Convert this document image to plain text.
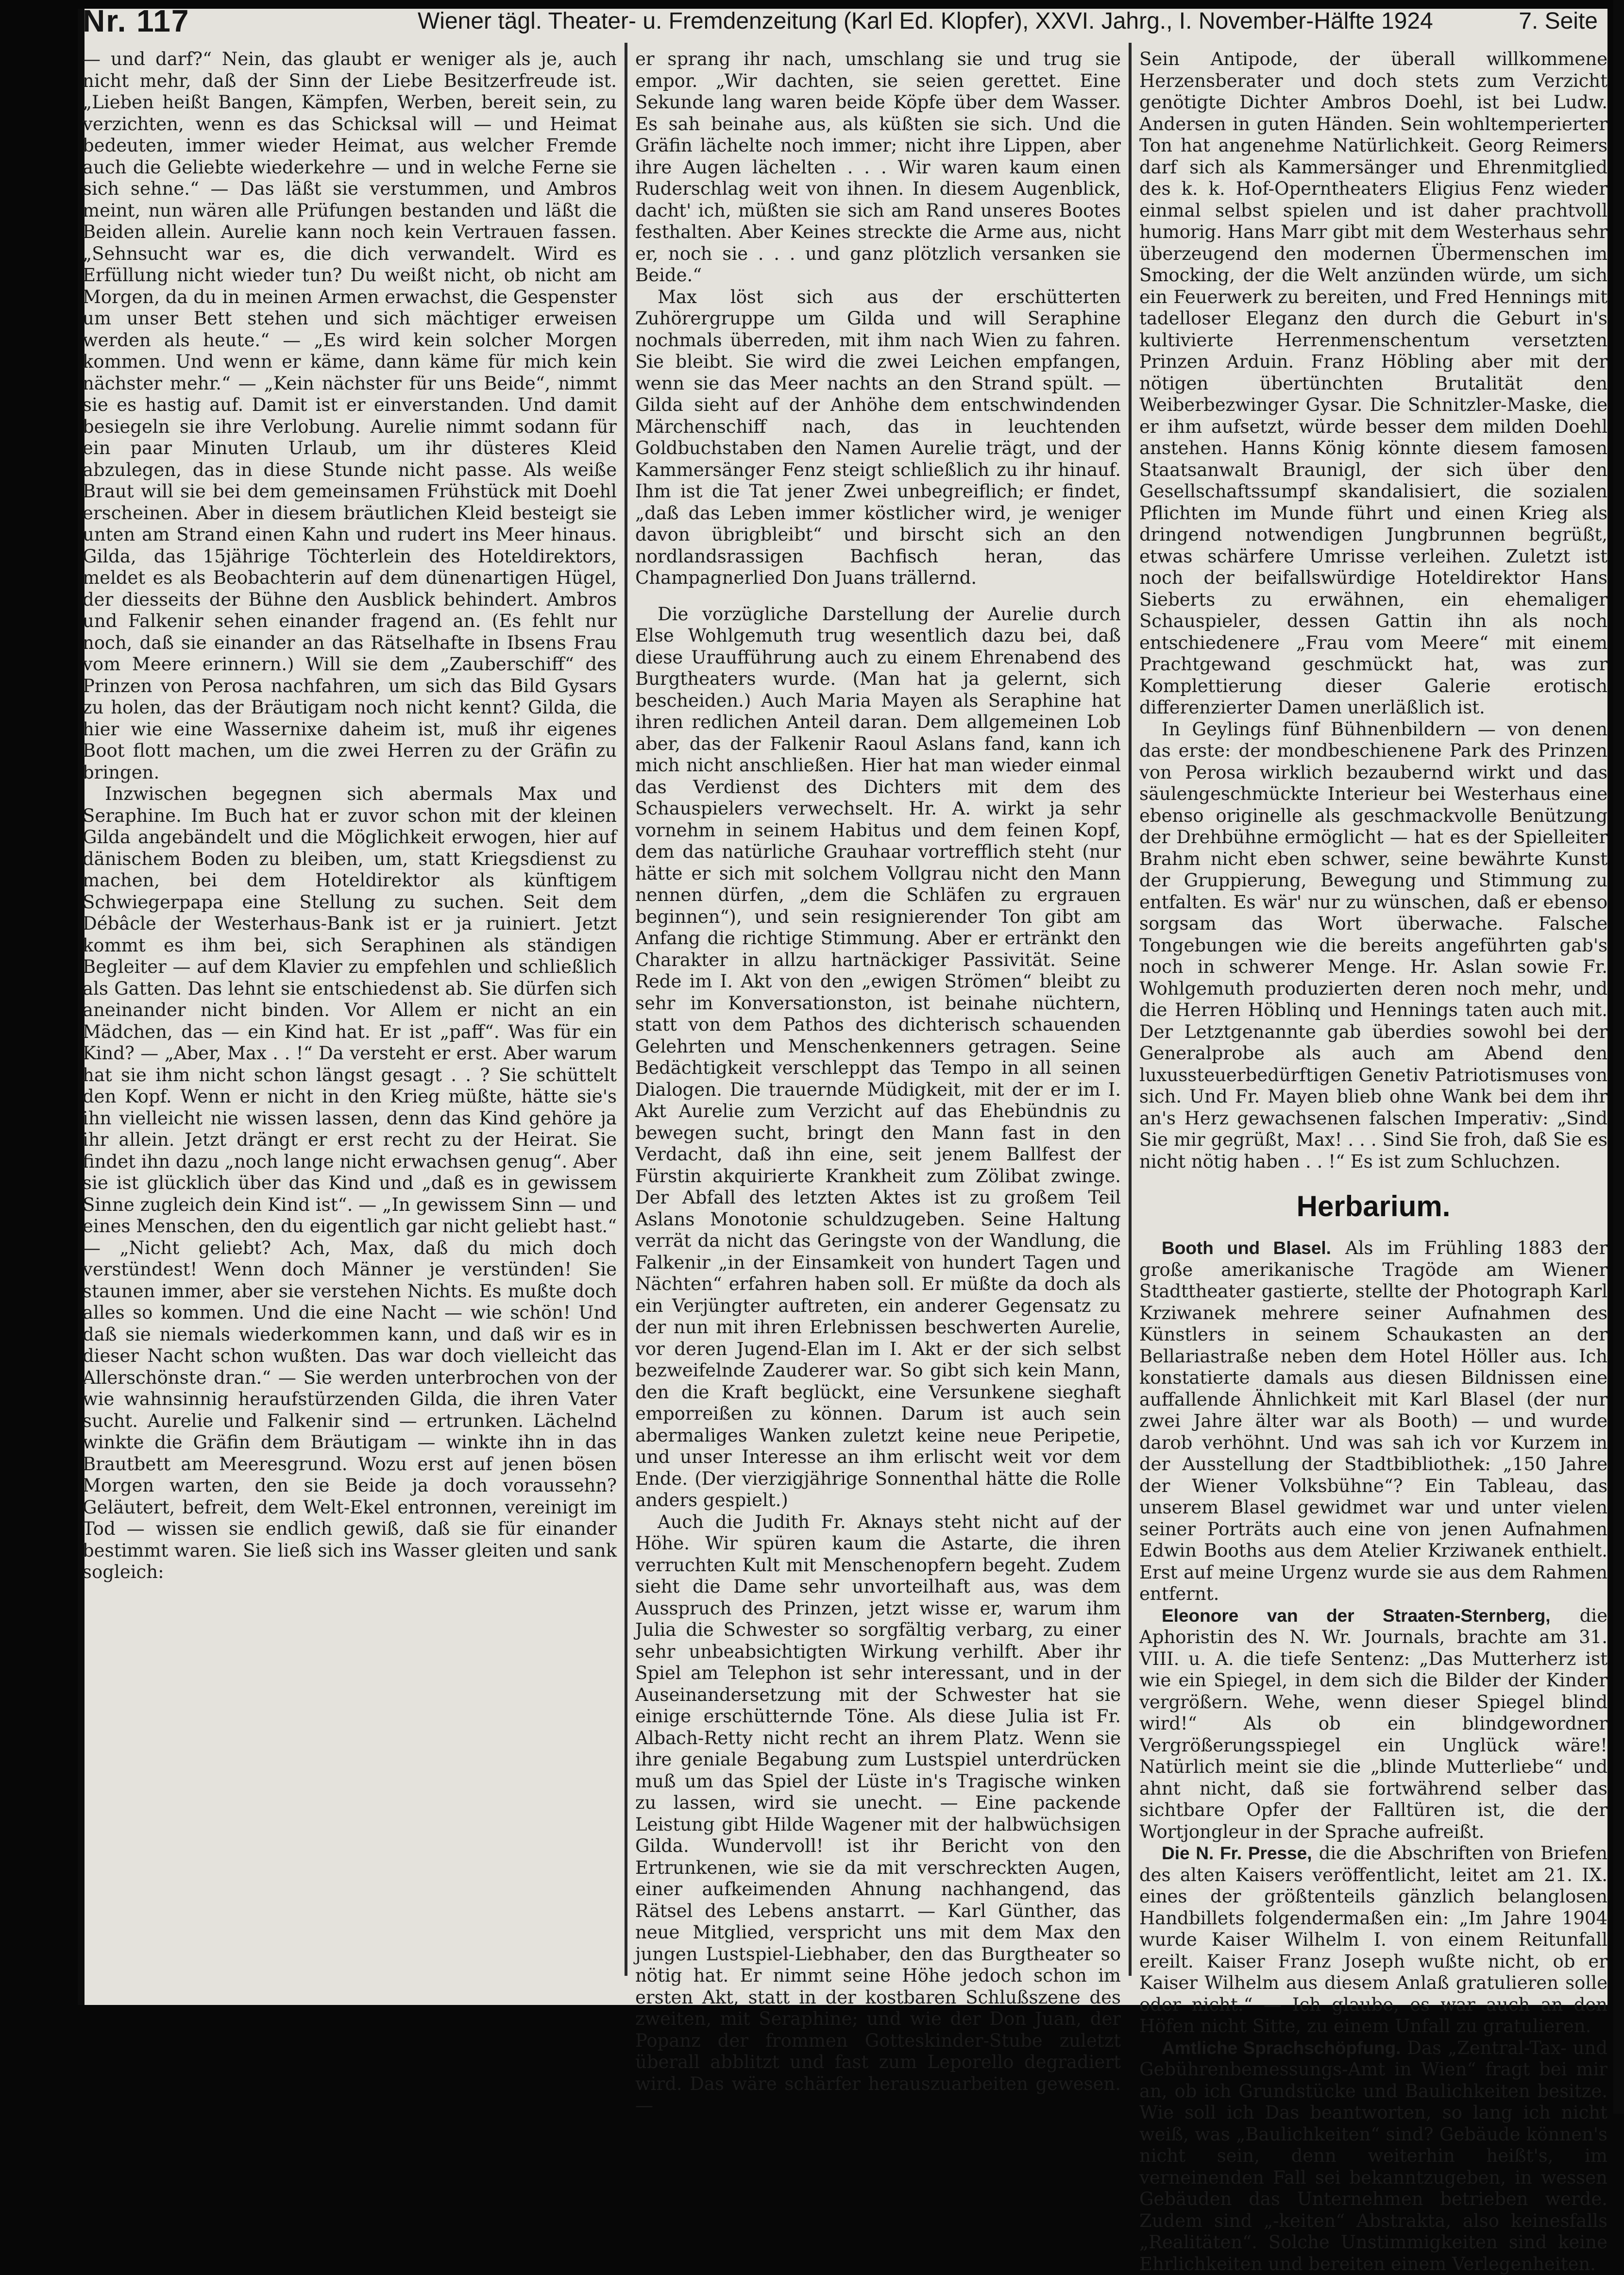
Nr. 117	Wiener tägl. Theater- u. Fremdenzeitung (Karl Ed. Klopfer), XXVI. Jahrg., I. November-Hälfte 1924	7. Seite

— und darf?“ Nein, das glaubt er weniger als je, auch nicht mehr, daß der Sinn der Liebe Besitzerfreude ist. „Lieben heißt Bangen, Kämpfen, Werben, bereit sein, zu verzichten, wenn es das Schicksal will — und Heimat bedeuten, immer wieder Heimat, aus welcher Fremde auch die Geliebte wiederkehre — und in welche Ferne sie sich sehne.“ — Das läßt sie verstummen, und Ambros meint, nun wären alle Prüfungen bestanden und läßt die Beiden allein. Aurelie kann noch kein Vertrauen fassen. „Sehnsucht war es, die dich verwandelt. Wird es Erfüllung nicht wieder tun? Du weißt nicht, ob nicht am Morgen, da du in meinen Armen erwachst, die Gespenster um unser Bett stehen und sich mächtiger erweisen werden als heute.“ — „Es wird kein solcher Morgen kommen. Und wenn er käme, dann käme für mich kein nächster mehr.“ — „Kein nächster für uns Beide“, nimmt sie es hastig auf. Damit ist er einverstanden. Und damit besiegeln sie ihre Verlobung. Aurelie nimmt sodann für ein paar Minuten Urlaub, um ihr düsteres Kleid abzulegen, das in diese Stunde nicht passe. Als weiße Braut will sie bei dem gemeinsamen Frühstück mit Doehl erscheinen. Aber in diesem bräutlichen Kleid besteigt sie unten am Strand einen Kahn und rudert ins Meer hinaus. Gilda, das 15jährige Töchterlein des Hoteldirektors, meldet es als Beobachterin auf dem dünenartigen Hügel, der diesseits der Bühne den Ausblick behindert. Ambros und Falkenir sehen einander fragend an. (Es fehlt nur noch, daß sie einander an das Rätselhafte in Ibsens Frau vom Meere erinnern.) Will sie dem „Zauberschiff“ des Prinzen von Perosa nachfahren, um sich das Bild Gysars zu holen, das der Bräutigam noch nicht kennt? Gilda, die hier wie eine Wassernixe daheim ist, muß ihr eigenes Boot flott machen, um die zwei Herren zu der Gräfin zu bringen.

Inzwischen begegnen sich abermals Max und Seraphine. Im Buch hat er zuvor schon mit der kleinen Gilda angebändelt und die Möglichkeit erwogen, hier auf dänischem Boden zu bleiben, um, statt Kriegsdienst zu machen, bei dem Hoteldirektor als künftigem Schwiegerpapa eine Stellung zu suchen. Seit dem Débâcle der Westerhaus-Bank ist er ja ruiniert. Jetzt kommt es ihm bei, sich Seraphinen als ständigen Begleiter — auf dem Klavier zu empfehlen und schließlich als Gatten. Das lehnt sie entschiedenst ab. Sie dürfen sich aneinander nicht binden. Vor Allem er nicht an ein Mädchen, das — ein Kind hat. Er ist „paff“. Was für ein Kind? — „Aber, Max . . !“ Da versteht er erst. Aber warum hat sie ihm nicht schon längst gesagt . . ? Sie schüttelt den Kopf. Wenn er nicht in den Krieg müßte, hätte sie's ihn vielleicht nie wissen lassen, denn das Kind gehöre ja ihr allein. Jetzt drängt er erst recht zu der Heirat. Sie findet ihn dazu „noch lange nicht erwachsen genug“. Aber sie ist glücklich über das Kind und „daß es in gewissem Sinne zugleich dein Kind ist“. — „In gewissem Sinn — und eines Menschen, den du eigentlich gar nicht geliebt hast.“ — „Nicht geliebt? Ach, Max, daß du mich doch verstündest! Wenn doch Männer je verstünden! Sie staunen immer, aber sie verstehen Nichts. Es mußte doch alles so kommen. Und die eine Nacht — wie schön! Und daß sie niemals wiederkommen kann, und daß wir es in dieser Nacht schon wußten. Das war doch vielleicht das Allerschönste dran.“ — Sie werden unterbrochen von der wie wahnsinnig heraufstürzenden Gilda, die ihren Vater sucht. Aurelie und Falkenir sind — ertrunken. Lächelnd winkte die Gräfin dem Bräutigam — winkte ihn in das Brautbett am Meeresgrund. Wozu erst auf jenen bösen Morgen warten, den sie Beide ja doch voraussehn? Geläutert, befreit, dem Welt-Ekel entronnen, vereinigt im Tod — wissen sie endlich gewiß, daß sie für einander bestimmt waren. Sie ließ sich ins Wasser gleiten und sank sogleich:

er sprang ihr nach, umschlang sie und trug sie empor. „Wir dachten, sie seien gerettet. Eine Sekunde lang waren beide Köpfe über dem Wasser. Es sah beinahe aus, als küßten sie sich. Und die Gräfin lächelte noch immer; nicht ihre Lippen, aber ihre Augen lächelten . . . Wir waren kaum einen Ruderschlag weit von ihnen. In diesem Augenblick, dacht' ich, müßten sie sich am Rand unseres Bootes festhalten. Aber Keines streckte die Arme aus, nicht er, noch sie . . . und ganz plötzlich versanken sie Beide.“

Max löst sich aus der erschütterten Zuhörergruppe um Gilda und will Seraphine nochmals überreden, mit ihm nach Wien zu fahren. Sie bleibt. Sie wird die zwei Leichen empfangen, wenn sie das Meer nachts an den Strand spült. — Gilda sieht auf der Anhöhe dem entschwindenden Märchenschiff nach, das in leuchtenden Goldbuchstaben den Namen Aurelie trägt, und der Kammersänger Fenz steigt schließlich zu ihr hinauf. Ihm ist die Tat jener Zwei unbegreiflich; er findet, „daß das Leben immer köstlicher wird, je weniger davon übrigbleibt“ und birscht sich an den nordlandsrassigen Bachfisch heran, das Champagnerlied Don Juans trällernd.

Die vorzügliche Darstellung der Aurelie durch Else Wohlgemuth trug wesentlich dazu bei, daß diese Uraufführung auch zu einem Ehrenabend des Burgtheaters wurde. (Man hat ja gelernt, sich bescheiden.) Auch Maria Mayen als Seraphine hat ihren redlichen Anteil daran. Dem allgemeinen Lob aber, das der Falkenir Raoul Aslans fand, kann ich mich nicht anschließen. Hier hat man wieder einmal das Verdienst des Dichters mit dem des Schauspielers verwechselt. Hr. A. wirkt ja sehr vornehm in seinem Habitus und dem feinen Kopf, dem das natürliche Grauhaar vortrefflich steht (nur hätte er sich mit solchem Vollgrau nicht den Mann nennen dürfen, „dem die Schläfen zu ergrauen beginnen“), und sein resignierender Ton gibt am Anfang die richtige Stimmung. Aber er ertränkt den Charakter in allzu hartnäckiger Passivität. Seine Rede im I. Akt von den „ewigen Strömen“ bleibt zu sehr im Konversationston, ist beinahe nüchtern, statt von dem Pathos des dichterisch schauenden Gelehrten und Menschenkenners getragen. Seine Bedächtigkeit verschleppt das Tempo in all seinen Dialogen. Die trauernde Müdigkeit, mit der er im I. Akt Aurelie zum Verzicht auf das Ehebündnis zu bewegen sucht, bringt den Mann fast in den Verdacht, daß ihn eine, seit jenem Ballfest der Fürstin akquirierte Krankheit zum Zölibat zwinge. Der Abfall des letzten Aktes ist zu großem Teil Aslans Monotonie schuldzugeben. Seine Haltung verrät da nicht das Geringste von der Wandlung, die Falkenir „in der Einsamkeit von hundert Tagen und Nächten“ erfahren haben soll. Er müßte da doch als ein Verjüngter auftreten, ein anderer Gegensatz zu der nun mit ihren Erlebnissen beschwerten Aurelie, vor deren Jugend-Elan im I. Akt er der sich selbst bezweifelnde Zauderer war. So gibt sich kein Mann, den die Kraft beglückt, eine Versunkene sieghaft emporreißen zu können. Darum ist auch sein abermaliges Wanken zuletzt keine neue Peripetie, und unser Interesse an ihm erlischt weit vor dem Ende. (Der vierzigjährige Sonnenthal hätte die Rolle anders gespielt.)

Auch die Judith Fr. Aknays steht nicht auf der Höhe. Wir spüren kaum die Astarte, die ihren verruchten Kult mit Menschenopfern begeht. Zudem sieht die Dame sehr unvorteilhaft aus, was dem Ausspruch des Prinzen, jetzt wisse er, warum ihm Julia die Schwester so sorgfältig verbarg, zu einer sehr unbeabsichtigten Wirkung verhilft. Aber ihr Spiel am Telephon ist sehr interessant, und in der Auseinandersetzung mit der Schwester hat sie einige erschütternde Töne. Als diese Julia ist Fr. Albach-Retty nicht recht an ihrem Platz. Wenn sie ihre geniale Begabung zum Lustspiel unterdrücken muß um das Spiel der Lüste in's Tragische winken zu lassen, wird sie unecht. — Eine packende Leistung gibt Hilde Wagener mit der halbwüchsigen Gilda. Wundervoll! ist ihr Bericht von den Ertrunkenen, wie sie da mit verschreckten Augen, einer aufkeimenden Ahnung nachhangend, das Rätsel des Lebens anstarrt. — Karl Günther, das neue Mitglied, verspricht uns mit dem Max den jungen Lustspiel-Liebhaber, den das Burgtheater so nötig hat. Er nimmt seine Höhe jedoch schon im ersten Akt, statt in der kostbaren Schlußszene des zweiten, mit Seraphine; und wie der Don Juan, der Popanz der frommen Gotteskinder-Stube zuletzt überall abblitzt und fast zum Leporello degradiert wird. Das wäre schärfer herauszuarbeiten gewesen. —

Sein Antipode, der überall willkommene Herzensberater und doch stets zum Verzicht genötigte Dichter Ambros Doehl, ist bei Ludw. Andersen in guten Händen. Sein wohltemperierter Ton hat angenehme Natürlichkeit. Georg Reimers darf sich als Kammersänger und Ehrenmitglied des k. k. Hof-Operntheaters Eligius Fenz wieder einmal selbst spielen und ist daher prachtvoll humorig. Hans Marr gibt mit dem Westerhaus sehr überzeugend den modernen Übermenschen im Smocking, der die Welt anzünden würde, um sich ein Feuerwerk zu bereiten, und Fred Hennings mit tadelloser Eleganz den durch die Geburt in's kultivierte Herrenmenschentum versetzten Prinzen Arduin. Franz Höbling aber mit der nötigen übertünchten Brutalität den Weiberbezwinger Gysar. Die Schnitzler-Maske, die er ihm aufsetzt, würde besser dem milden Doehl anstehen. Hanns König könnte diesem famosen Staatsanwalt Braunigl, der sich über den Gesellschaftssumpf skandalisiert, die sozialen Pflichten im Munde führt und einen Krieg als dringend notwendigen Jungbrunnen begrüßt, etwas schärfere Umrisse verleihen. Zuletzt ist noch der beifallswürdige Hoteldirektor Hans Sieberts zu erwähnen, ein ehemaliger Schauspieler, dessen Gattin ihn als noch entschiedenere „Frau vom Meere“ mit einem Prachtgewand geschmückt hat, was zur Komplettierung dieser Galerie erotisch differenzierter Damen unerläßlich ist.

In Geylings fünf Bühnenbildern — von denen das erste: der mondbeschienene Park des Prinzen von Perosa wirklich bezaubernd wirkt und das säulengeschmückte Interieur bei Westerhaus eine ebenso originelle als geschmackvolle Benützung der Drehbühne ermöglicht — hat es der Spielleiter Brahm nicht eben schwer, seine bewährte Kunst der Gruppierung, Bewegung und Stimmung zu entfalten. Es wär' nur zu wünschen, daß er ebenso sorgsam das Wort überwache. Falsche Tongebungen wie die bereits angeführten gab's noch in schwerer Menge. Hr. Aslan sowie Fr. Wohlgemuth produzierten deren noch mehr, und die Herren Höblinq und Hennings taten auch mit. Der Letztgenannte gab überdies sowohl bei der Generalprobe als auch am Abend den luxussteuerbedürftigen Genetiv Patriotismuses von sich. Und Fr. Mayen blieb ohne Wank bei dem ihr an's Herz gewachsenen falschen Imperativ: „Sind Sie mir gegrüßt, Max! . . . Sind Sie froh, daß Sie es nicht nötig haben . . !“ Es ist zum Schluchzen.

Herbarium.

Booth und Blasel. Als im Frühling 1883 der große amerikanische Tragöde am Wiener Stadttheater gastierte, stellte der Photograph Karl Krziwanek mehrere seiner Aufnahmen des Künstlers in seinem Schaukasten an der Bellariastraße neben dem Hotel Höller aus. Ich konstatierte damals aus diesen Bildnissen eine auffallende Ähnlichkeit mit Karl Blasel (der nur zwei Jahre älter war als Booth) — und wurde darob verhöhnt. Und was sah ich vor Kurzem in der Ausstellung der Stadtbibliothek: „150 Jahre der Wiener Volksbühne“? Ein Tableau, das unserem Blasel gewidmet war und unter vielen seiner Porträts auch eine von jenen Aufnahmen Edwin Booths aus dem Atelier Krziwanek enthielt. Erst auf meine Urgenz wurde sie aus dem Rahmen entfernt.

Eleonore van der Straaten-Sternberg, die Aphoristin des N. Wr. Journals, brachte am 31. VIII. u. A. die tiefe Sentenz: „Das Mutterherz ist wie ein Spiegel, in dem sich die Bilder der Kinder vergrößern. Wehe, wenn dieser Spiegel blind wird!“ Als ob ein blindgewordner Vergrößerungsspiegel ein Unglück wäre! Natürlich meint sie die „blinde Mutterliebe“ und ahnt nicht, daß sie fortwährend selber das sichtbare Opfer der Falltüren ist, die der Wortjongleur in der Sprache aufreißt.

Die N. Fr. Presse, die die Abschriften von Briefen des alten Kaisers veröffentlicht, leitet am 21. IX. eines der größtenteils gänzlich belanglosen Handbillets folgendermaßen ein: „Im Jahre 1904 wurde Kaiser Wilhelm I. von einem Reitunfall ereilt. Kaiser Franz Joseph wußte nicht, ob er Kaiser Wilhelm aus diesem Anlaß gratulieren solle oder nicht.“ — Ich glaube, es war auch an den Höfen nicht Sitte, zu einem Unfall zu gratulieren.

Amtliche Sprachschöpfung. Das „Zentral-Tax- und Gebührenbemessungs-Amt in Wien“ fragt bei mir an, ob ich Grundstücke und Baulichkeiten besitze. Wie soll ich Das beantworten, so lang ich nicht weiß, was „Baulichkeiten“ sind? Gebäude können's nicht sein, denn weiterhin heißt's, im verneinenden Fall sei bekanntzugeben, in wessen Gebäuden das Unternehmen betrieben werde. Zudem sind „-keiten“ Abstrakta, also keinesfalls „Realitäten“. Solche Unstimmigkeiten sind keine Ehrlichkeiten und bereiten einem Verlegenheiten.
